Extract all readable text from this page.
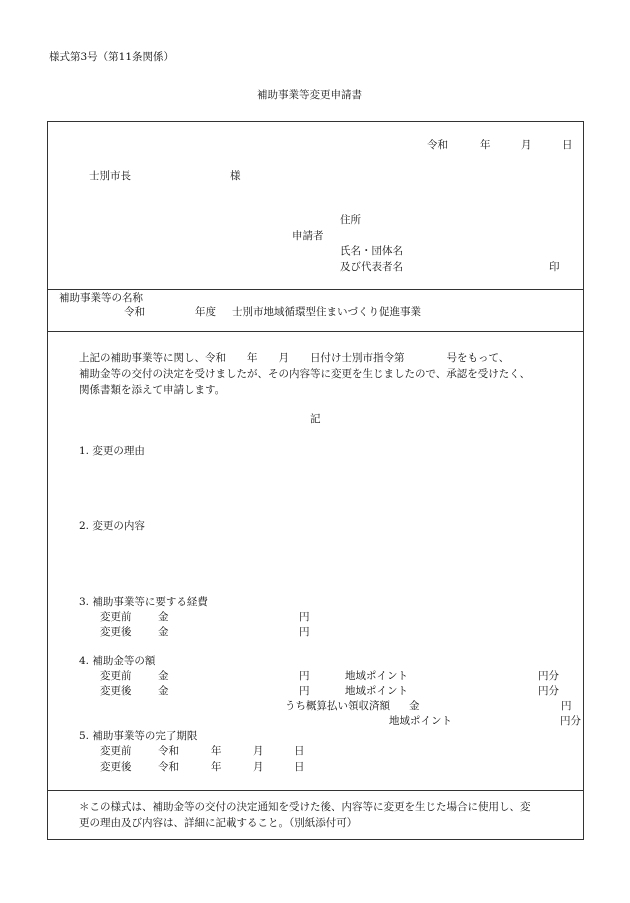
様式第3号（第11条関係）
補助事業等変更申請書
令和	年	月	日
士別市長	様
住所
申請者
氏名・団体名
及び代表者名	印
補助事業等の名称
令和	年度 士別市地域循環型住まいづくり促進事業
上記の補助事業等に関し、令和　　年　　月　　日付け士別市指令第　　　　号をもって、
補助金等の交付の決定を受けましたが、その内容等に変更を生じましたので、承認を受けたく、
関係書類を添えて申請します。
記
1. 変更の理由
2. 変更の内容
3. 補助事業等に要する経費
変更前	金	円
変更後	金	円
4. 補助金等の額
変更前	金	円	地域ポイント	円分
変更後	金	円	地域ポイント	円分
うち概算払い領収済額 金	円
地域ポイント	円分
5. 補助事業等の完了期限
変更前	令和	年	月	日
変更後	令和	年	月	日
＊この様式は、補助金等の交付の決定通知を受けた後、内容等に変更を生じた場合に使用し、変
更の理由及び内容は、詳細に記載すること。（別紙添付可）
